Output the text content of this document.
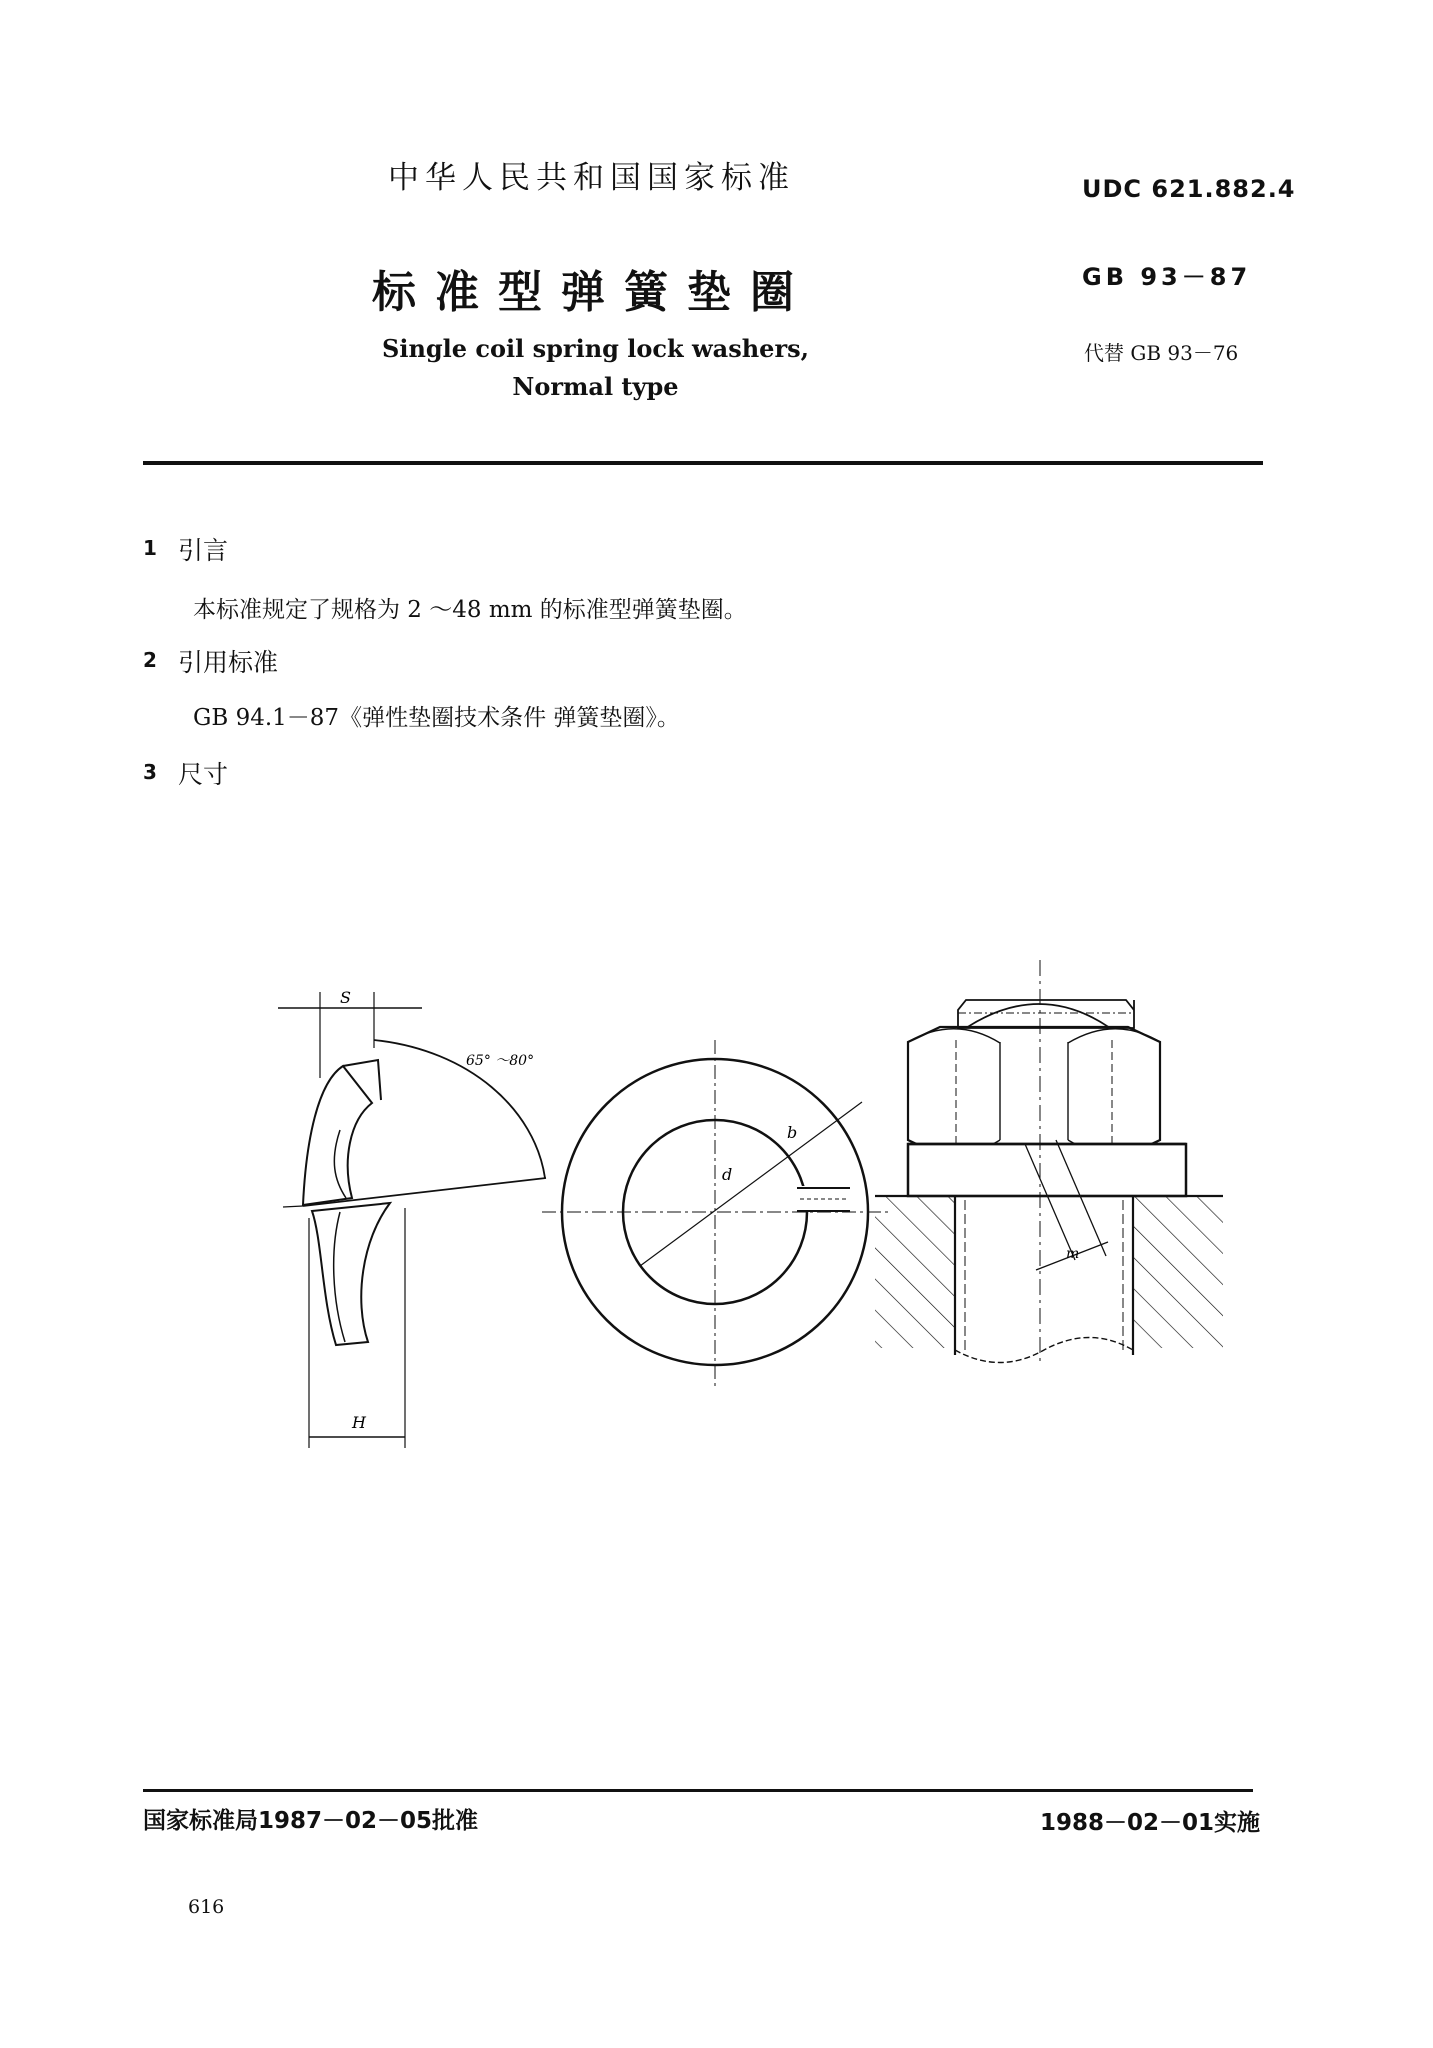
中华人民共和国国家标准
标准型弹簧垫圈
Single coil spring lock washers,
Normal type
UDC 621.882.4
GB 93－87
代替 GB 93－76
1 引言
本标准规定了规格为 2 ～48 mm 的标准型弹簧垫圈。
2 引用标准
GB 94.1－87《弹性垫圈技术条件 弹簧垫圈》。
3 尺寸
S
65° ～80°
H
d
b
m
国家标准局1987－02－05批准	1988－02－01实施
616
